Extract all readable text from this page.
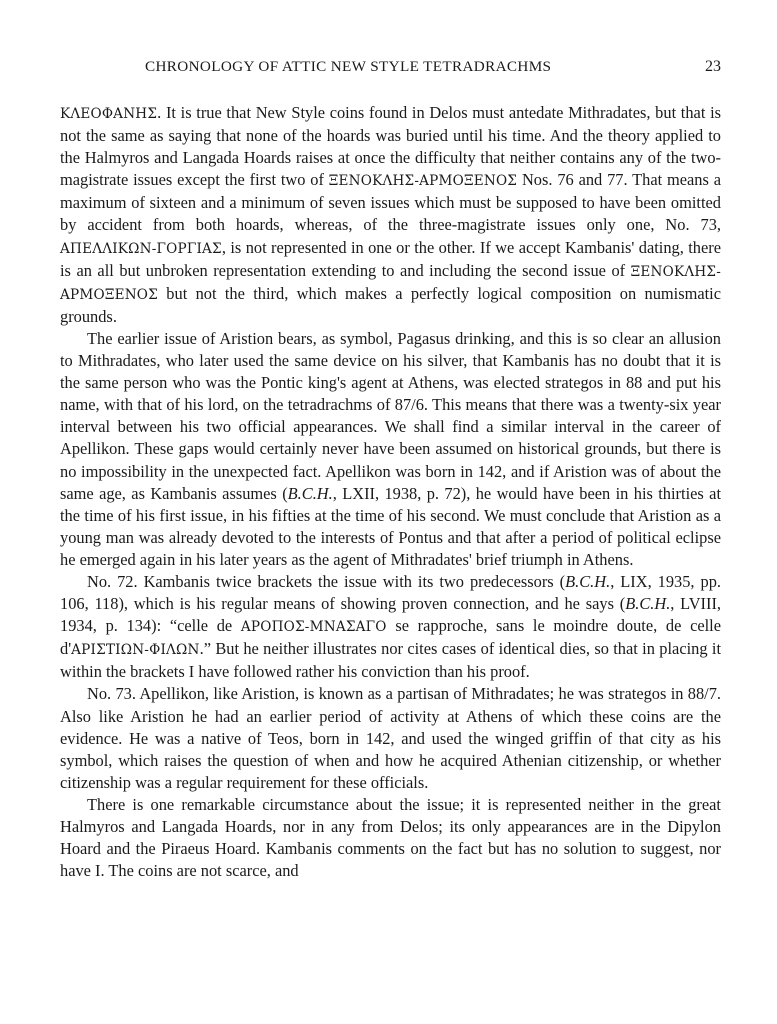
CHRONOLOGY OF ATTIC NEW STYLE TETRADRACHMS	23

ΚΛΕΟΦΑΝΗΣ. It is true that New Style coins found in Delos must antedate Mithradates, but that is not the same as saying that none of the hoards was buried until his time. And the theory applied to the Halmyros and Langada Hoards raises at once the difficulty that neither contains any of the two-magistrate issues except the first two of ΞΕΝΟΚΛΗΣ-ΑΡΜΟΞΕΝΟΣ Nos. 76 and 77. That means a maximum of sixteen and a minimum of seven issues which must be supposed to have been omitted by accident from both hoards, whereas, of the three-magistrate issues only one, No. 73, ΑΠΕΛΛΙΚΩΝ-ΓΟΡΓΙΑΣ, is not represented in one or the other. If we accept Kambanis' dating, there is an all but unbroken representation extending to and including the second issue of ΞΕΝΟΚΛΗΣ-ΑΡΜΟΞΕΝΟΣ but not the third, which makes a perfectly logical composition on numismatic grounds.

The earlier issue of Aristion bears, as symbol, Pagasus drinking, and this is so clear an allusion to Mithradates, who later used the same device on his silver, that Kambanis has no doubt that it is the same person who was the Pontic king's agent at Athens, was elected strategos in 88 and put his name, with that of his lord, on the tetradrachms of 87/6. This means that there was a twenty-six year interval between his two official appearances. We shall find a similar interval in the career of Apellikon. These gaps would certainly never have been assumed on historical grounds, but there is no impossibility in the unexpected fact. Apellikon was born in 142, and if Aristion was of about the same age, as Kambanis assumes (B.C.H., LXII, 1938, p. 72), he would have been in his thirties at the time of his first issue, in his fifties at the time of his second. We must conclude that Aristion as a young man was already devoted to the interests of Pontus and that after a period of political eclipse he emerged again in his later years as the agent of Mithradates' brief triumph in Athens.

No. 72. Kambanis twice brackets the issue with its two predecessors (B.C.H., LIX, 1935, pp. 106, 118), which is his regular means of showing proven connection, and he says (B.C.H., LVIII, 1934, p. 134): “celle de ΑΡΟΠΟΣ-ΜΝΑΣΑΓΟ se rapproche, sans le moindre doute, de celle d'ΑΡΙΣΤΙΩΝ-ΦΙΛΩΝ.” But he neither illustrates nor cites cases of identical dies, so that in placing it within the brackets I have followed rather his conviction than his proof.

No. 73. Apellikon, like Aristion, is known as a partisan of Mithradates; he was strategos in 88/7. Also like Aristion he had an earlier period of activity at Athens of which these coins are the evidence. He was a native of Teos, born in 142, and used the winged griffin of that city as his symbol, which raises the question of when and how he acquired Athenian citizenship, or whether citizenship was a regular requirement for these officials.

There is one remarkable circumstance about the issue; it is represented neither in the great Halmyros and Langada Hoards, nor in any from Delos; its only appearances are in the Dipylon Hoard and the Piraeus Hoard. Kambanis comments on the fact but has no solution to suggest, nor have I. The coins are not scarce, and
